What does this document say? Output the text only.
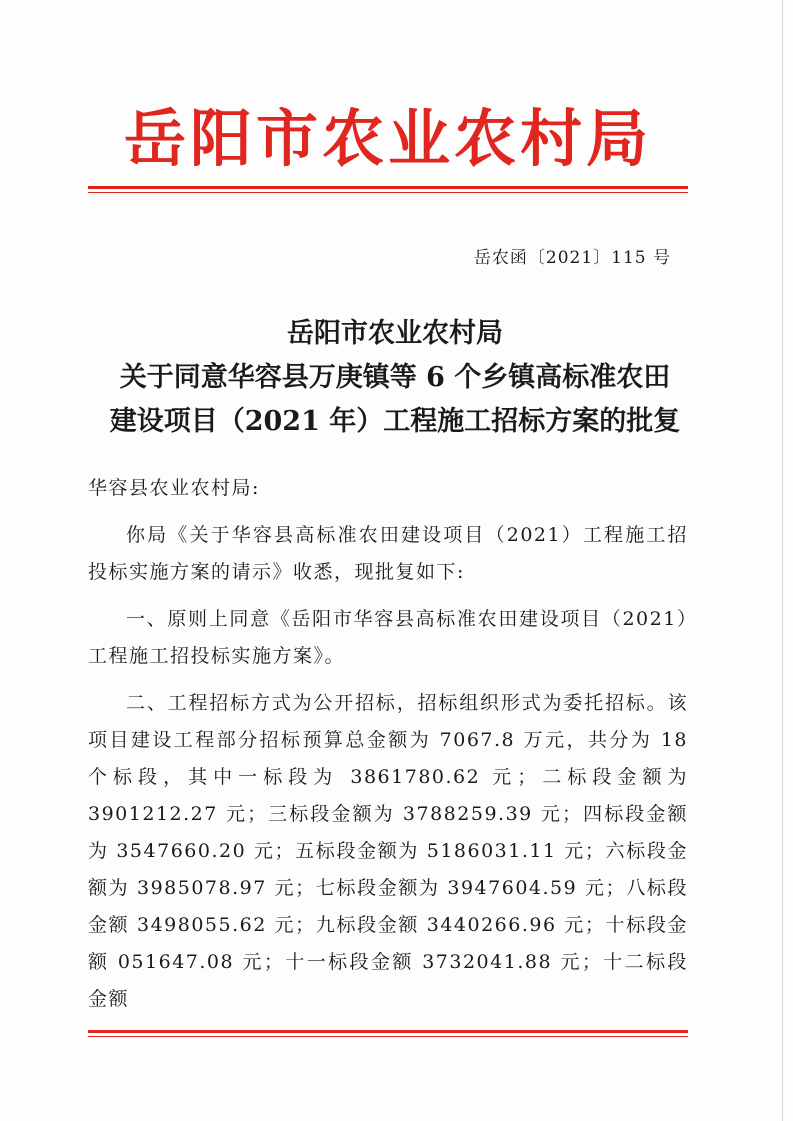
岳阳市农业农村局
岳农函〔2021〕115 号
岳阳市农业农村局
关于同意华容县万庚镇等 6 个乡镇高标准农田
建设项目（2021 年）工程施工招标方案的批复

华容县农业农村局:

你局《关于华容县高标准农田建设项目（2021）工程施工招投标实施方案的请示》收悉，现批复如下:

一、原则上同意《岳阳市华容县高标准农田建设项目（2021）工程施工招投标实施方案》。

二、工程招标方式为公开招标，招标组织形式为委托招标。该项目建设工程部分招标预算总金额为 7067.8 万元，共分为 18 个标段，其中一标段为 3861780.62 元；二标段金额为 3901212.27 元；三标段金额为 3788259.39 元；四标段金额为 3547660.20 元；五标段金额为 5186031.11 元；六标段金额为 3985078.97 元；七标段金额为 3947604.59 元；八标段金额 3498055.62 元；九标段金额 3440266.96 元；十标段金额 051647.08 元；十一标段金额 3732041.88 元；十二标段金额
